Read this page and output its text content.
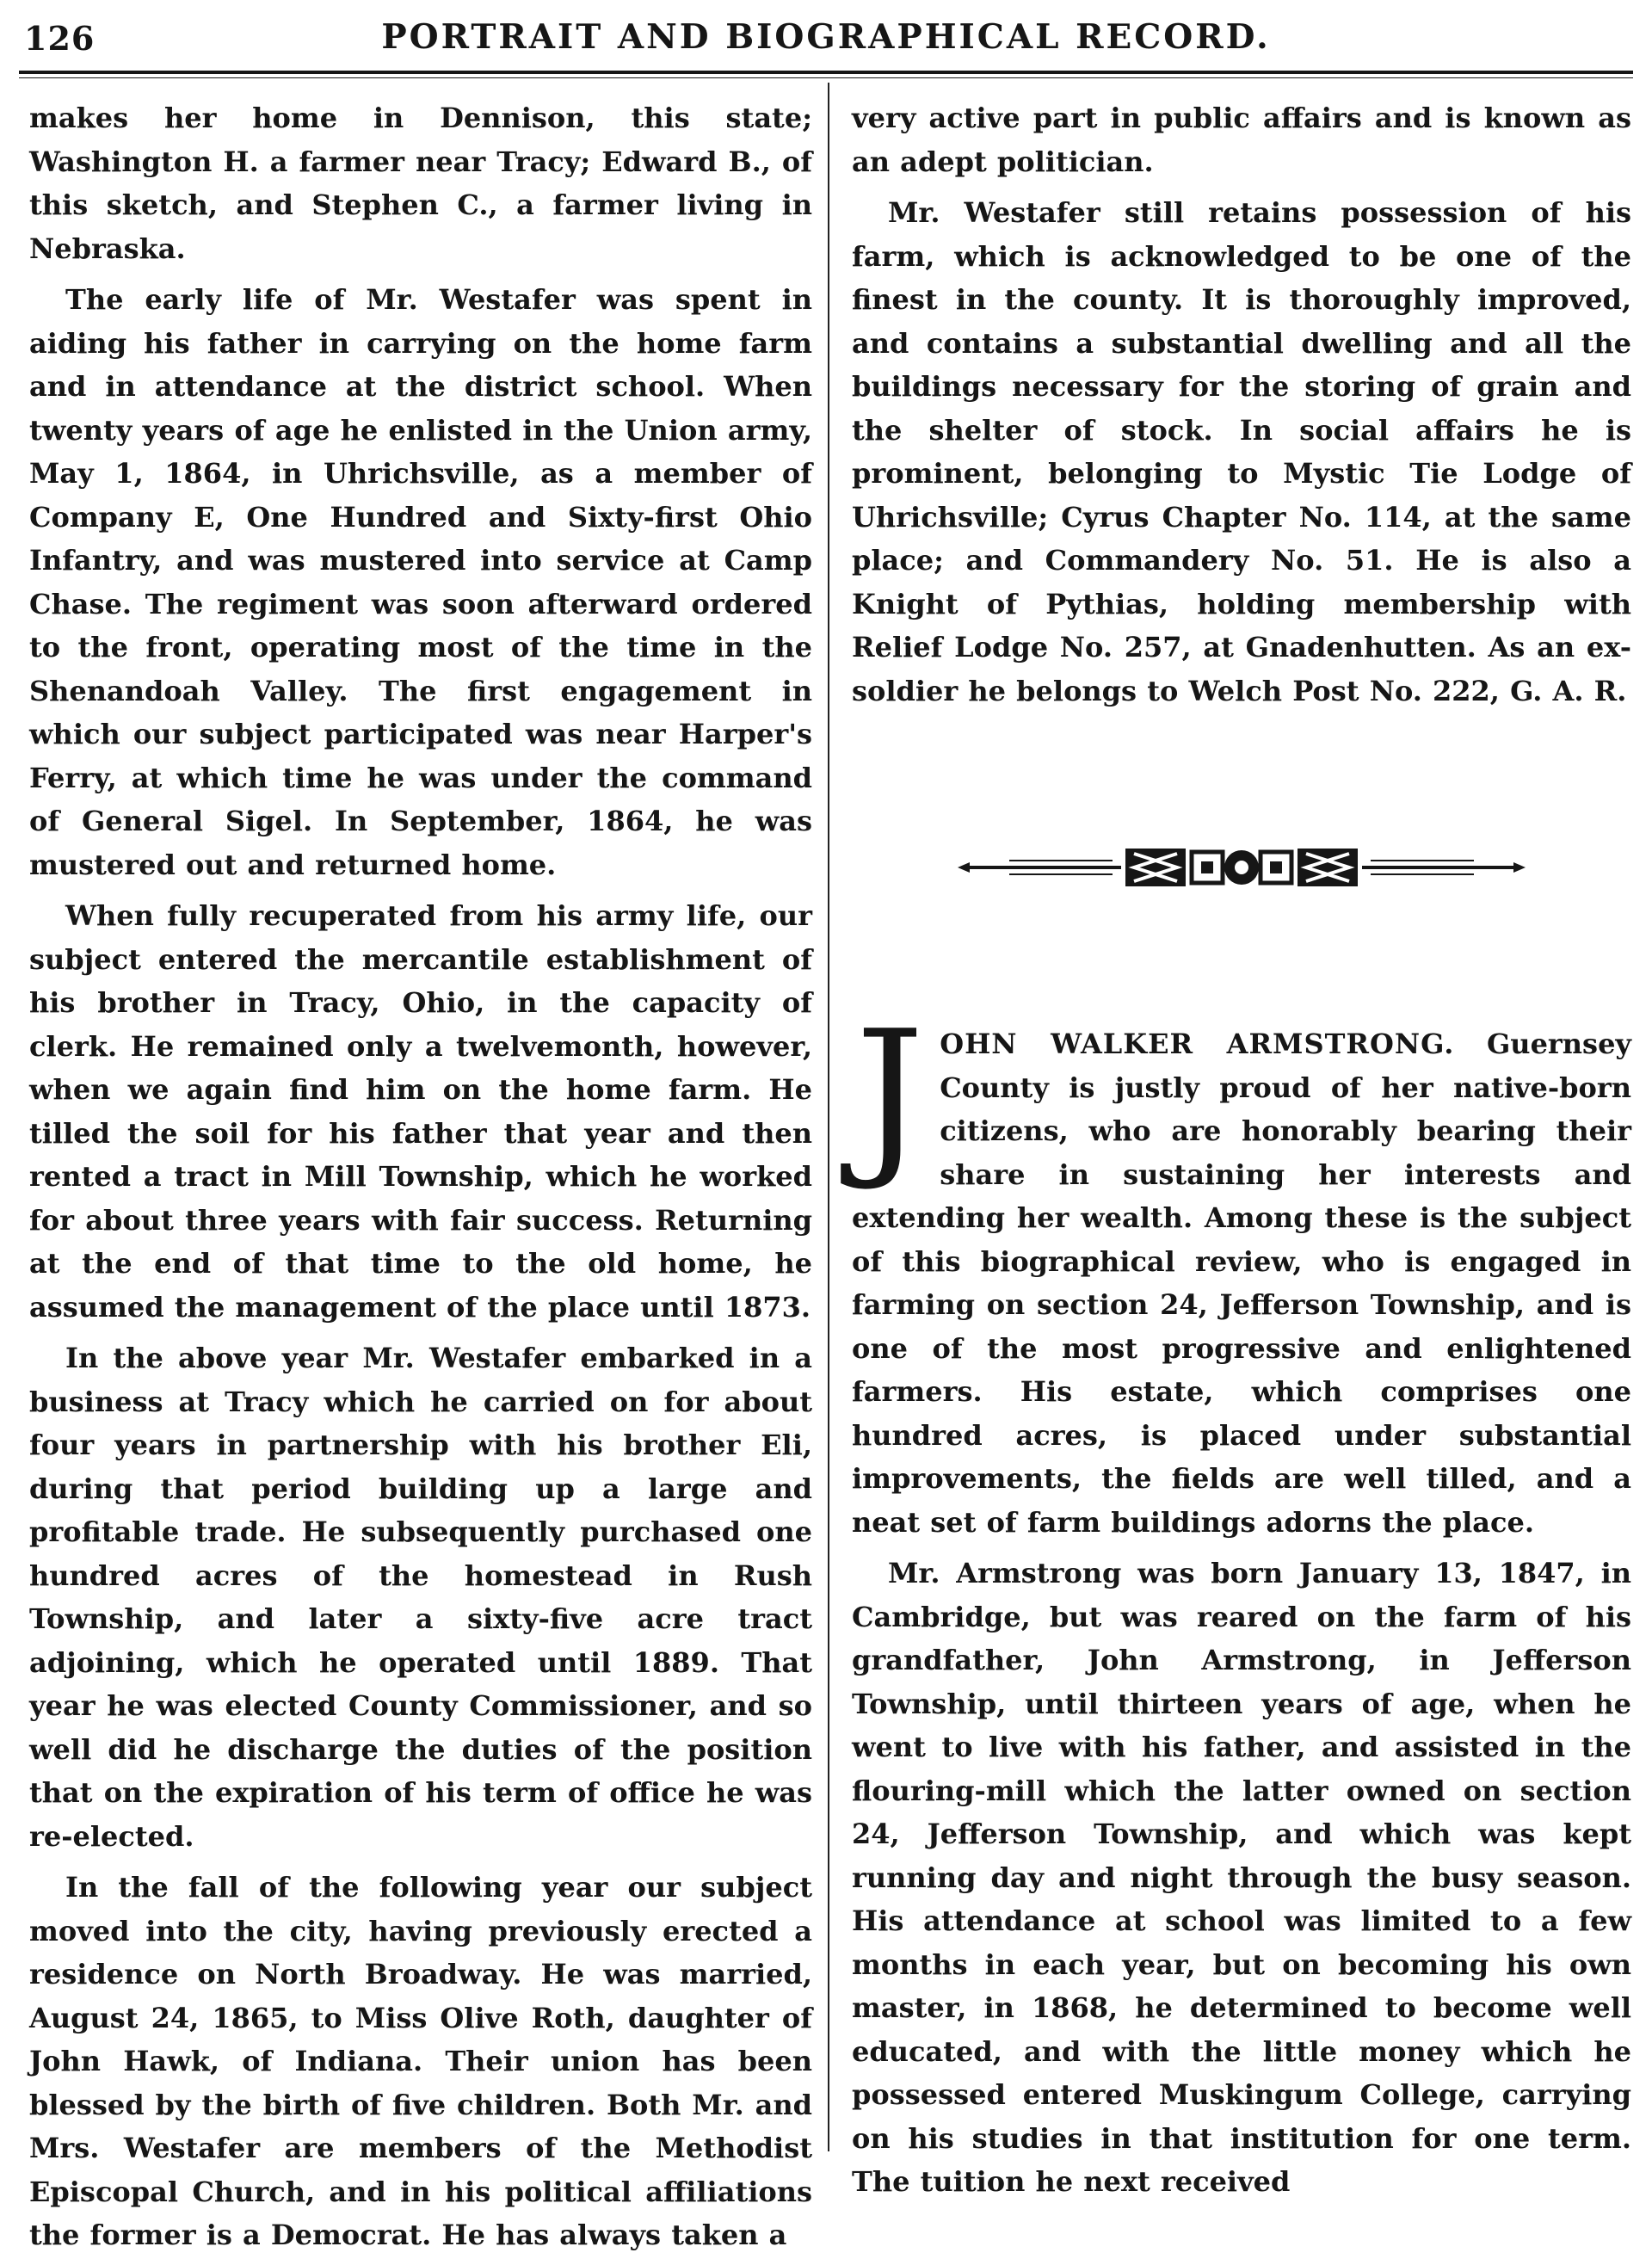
126	PORTRAIT AND BIOGRAPHICAL RECORD.

makes her home in Dennison, this state; Washington H. a farmer near Tracy; Edward B., of this sketch, and Stephen C., a farmer living in Nebraska.

The early life of Mr. Westafer was spent in aiding his father in carrying on the home farm and in attendance at the district school. When twenty years of age he enlisted in the Union army, May 1, 1864, in Uhrichsville, as a member of Company E, One Hundred and Sixty-first Ohio Infantry, and was mustered into service at Camp Chase. The regiment was soon afterward ordered to the front, operating most of the time in the Shenandoah Valley. The first engagement in which our subject participated was near Harper's Ferry, at which time he was under the command of General Sigel. In September, 1864, he was mustered out and returned home.

When fully recuperated from his army life, our subject entered the mercantile establishment of his brother in Tracy, Ohio, in the capacity of clerk. He remained only a twelvemonth, however, when we again find him on the home farm. He tilled the soil for his father that year and then rented a tract in Mill Township, which he worked for about three years with fair success. Returning at the end of that time to the old home, he assumed the management of the place until 1873.

In the above year Mr. Westafer embarked in a business at Tracy which he carried on for about four years in partnership with his brother Eli, during that period building up a large and profitable trade. He subsequently purchased one hundred acres of the homestead in Rush Township, and later a sixty-five acre tract adjoining, which he operated until 1889. That year he was elected County Commissioner, and so well did he discharge the duties of the position that on the expiration of his term of office he was re-elected.

In the fall of the following year our subject moved into the city, having previously erected a residence on North Broadway. He was married, August 24, 1865, to Miss Olive Roth, daughter of John Hawk, of Indiana. Their union has been blessed by the birth of five children. Both Mr. and Mrs. Westafer are members of the Methodist Episcopal Church, and in his political affiliations the former is a Democrat. He has always taken a

very active part in public affairs and is known as an adept politician.

Mr. Westafer still retains possession of his farm, which is acknowledged to be one of the finest in the county. It is thoroughly improved, and contains a substantial dwelling and all the buildings necessary for the storing of grain and the shelter of stock. In social affairs he is prominent, belonging to Mystic Tie Lodge of Uhrichsville; Cyrus Chapter No. 114, at the same place; and Commandery No. 51. He is also a Knight of Pythias, holding membership with Relief Lodge No. 257, at Gnadenhutten. As an ex-soldier he belongs to Welch Post No. 222, G. A. R.

J OHN WALKER ARMSTRONG. Guernsey County is justly proud of her native-born citizens, who are honorably bearing their share in sustaining her interests and extending her wealth. Among these is the subject of this biographical review, who is engaged in farming on section 24, Jefferson Township, and is one of the most progressive and enlightened farmers. His estate, which comprises one hundred acres, is placed under substantial improvements, the fields are well tilled, and a neat set of farm buildings adorns the place.

Mr. Armstrong was born January 13, 1847, in Cambridge, but was reared on the farm of his grandfather, John Armstrong, in Jefferson Township, until thirteen years of age, when he went to live with his father, and assisted in the flouring-mill which the latter owned on section 24, Jefferson Township, and which was kept running day and night through the busy season. His attendance at school was limited to a few months in each year, but on becoming his own master, in 1868, he determined to become well educated, and with the little money which he possessed entered Muskingum College, carrying on his studies in that institution for one term. The tuition he next received
